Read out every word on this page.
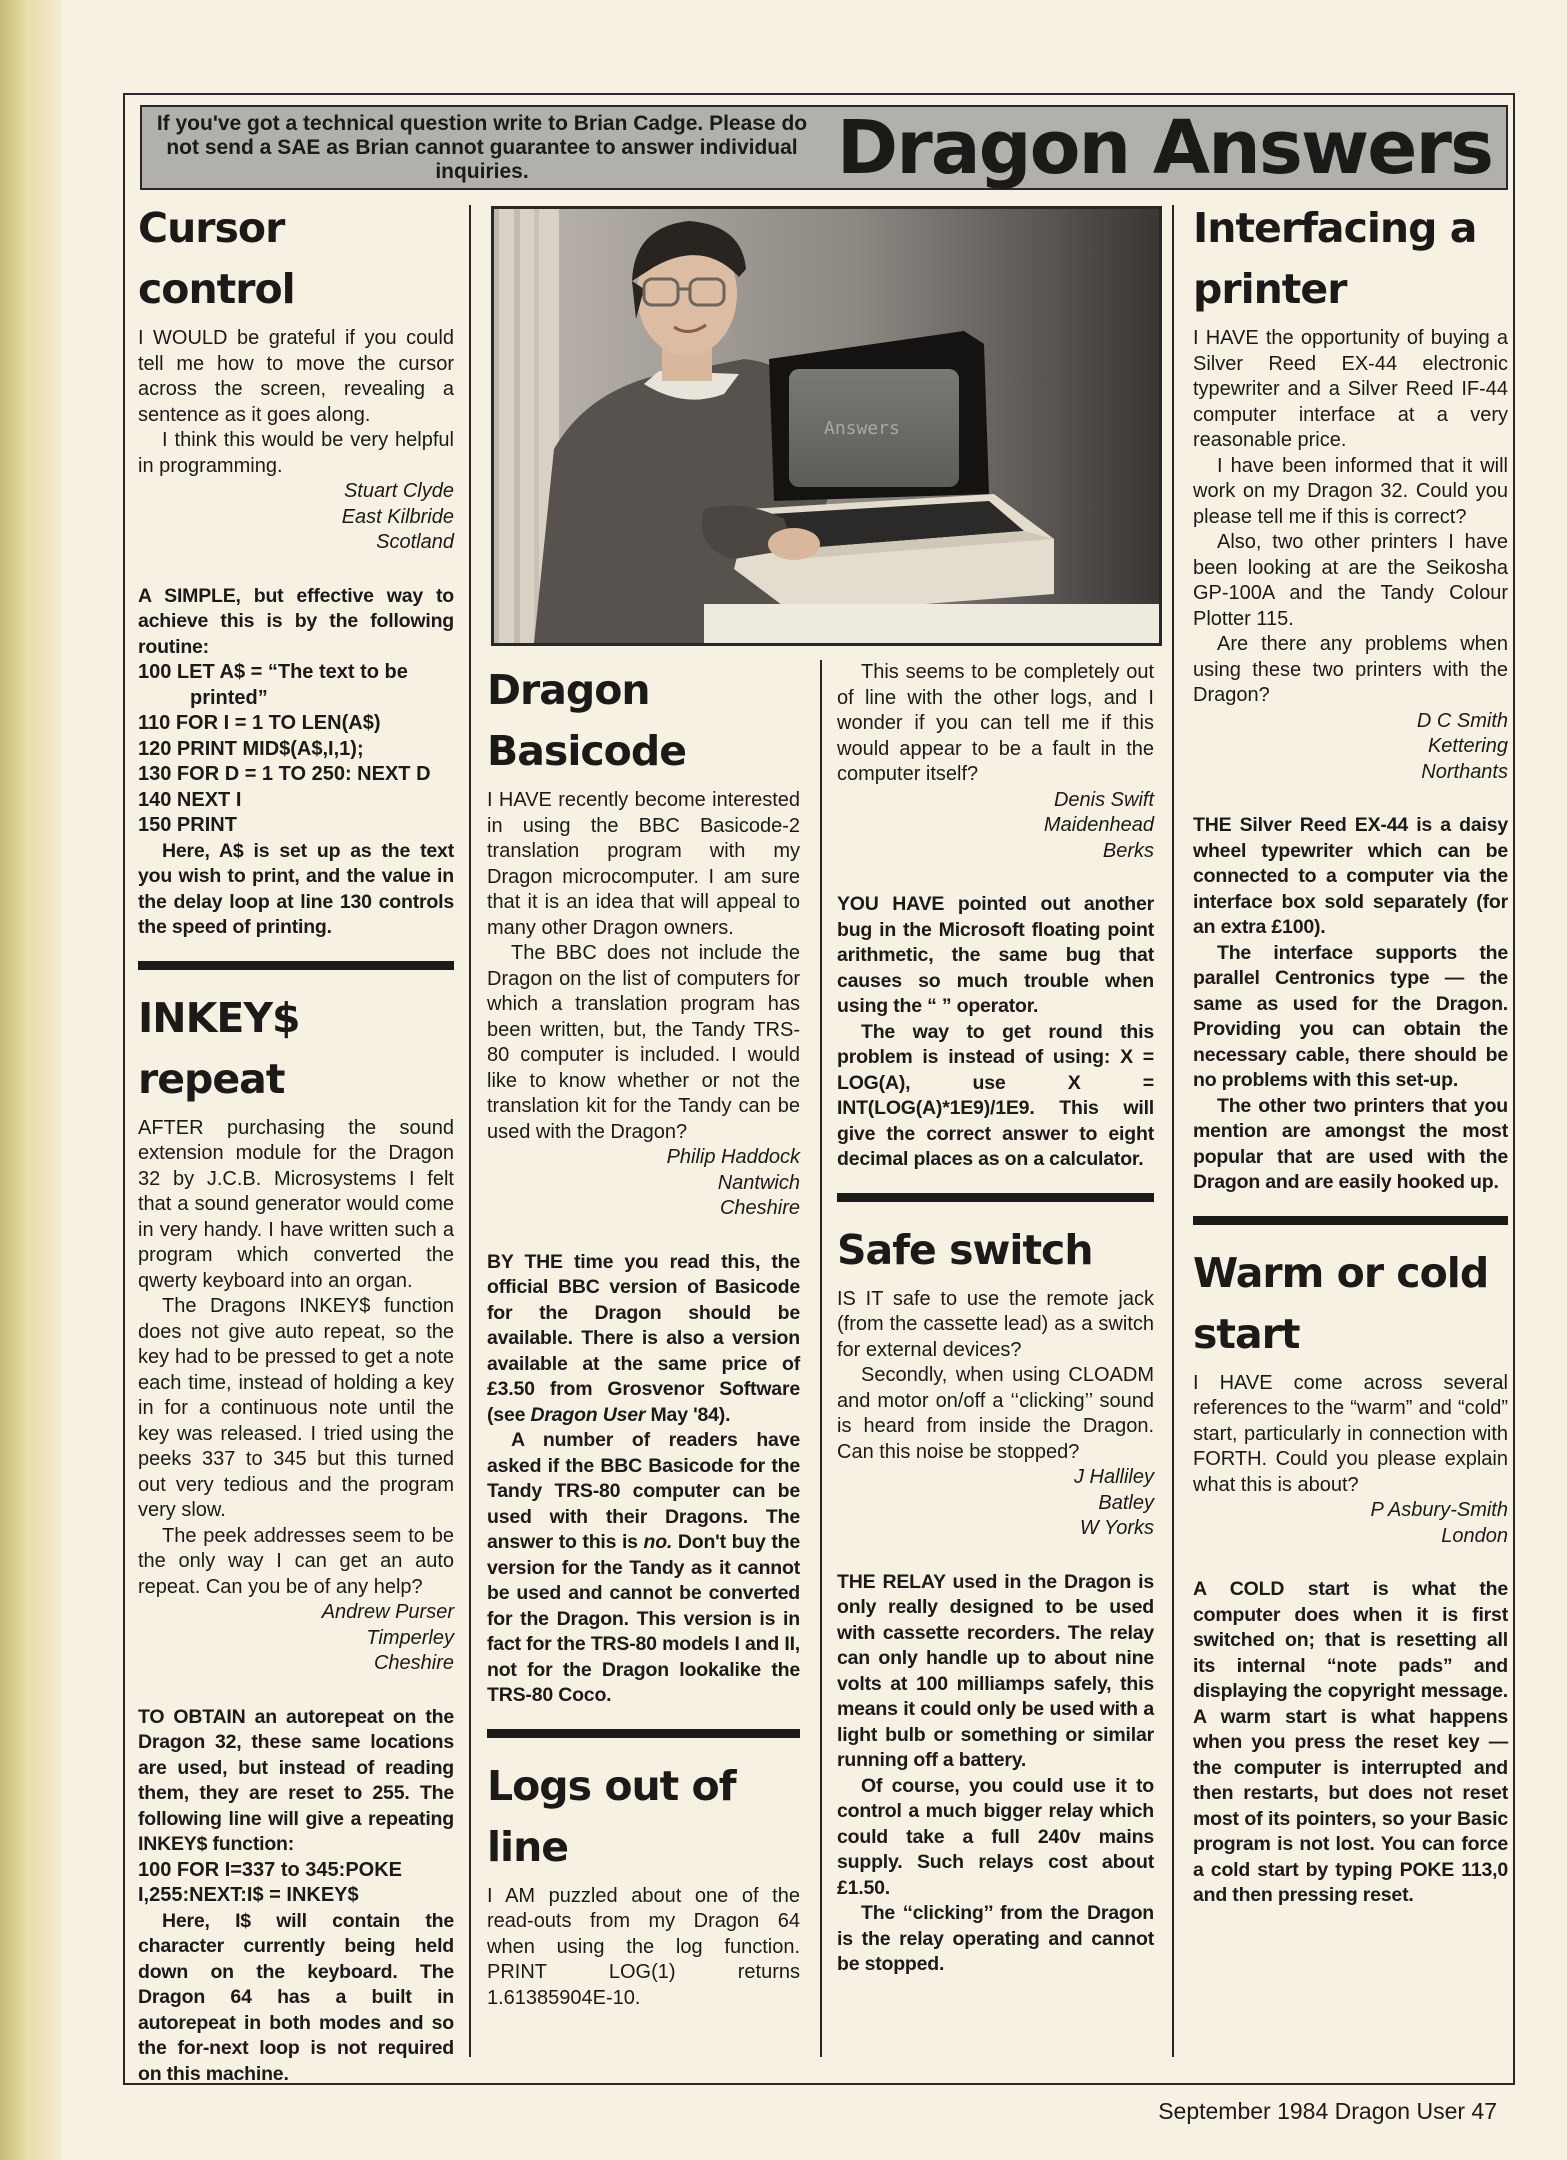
If you've got a technical question write to Brian Cadge. Please do not send a SAE as Brian cannot guarantee to answer individual inquiries.	Dragon Answers
Cursor control

I WOULD be grateful if you could tell me how to move the cursor across the screen, revealing a sentence as it goes along.

I think this would be very helpful in programming.

Stuart Clyde
East Kilbride
Scotland

A SIMPLE, but effective way to achieve this is by the following routine:

100 LET A$ = “The text to be printed”
110 FOR I = 1 TO LEN(A$)
120 PRINT MID$(A$,I,1);
130 FOR D = 1 TO 250: NEXT D
140 NEXT I
150 PRINT

Here, A$ is set up as the text you wish to print, and the value in the delay loop at line 130 controls the speed of printing.

INKEY$ repeat

AFTER purchasing the sound extension module for the Dragon 32 by J.C.B. Microsystems I felt that a sound generator would come in very handy. I have written such a program which converted the qwerty keyboard into an organ.

The Dragons INKEY$ function does not give auto repeat, so the key had to be pressed to get a note each time, instead of holding a key in for a continuous note until the key was released. I tried using the peeks 337 to 345 but this turned out very tedious and the program very slow.

The peek addresses seem to be the only way I can get an auto repeat. Can you be of any help?

Andrew Purser
Timperley
Cheshire

TO OBTAIN an autorepeat on the Dragon 32, these same locations are used, but instead of reading them, they are reset to 255. The following line will give a repeating INKEY$ function:

100 FOR I=337 to 345:POKE I,255:NEXT:I$ = INKEY$

Here, I$ will contain the character currently being held down on the keyboard. The Dragon 64 has a built in autorepeat in both modes and so the for-next loop is not required on this machine.

Answers
Dragon Basicode

I HAVE recently become interested in using the BBC Basicode-2 translation program with my Dragon microcomputer. I am sure that it is an idea that will appeal to many other Dragon owners.

The BBC does not include the Dragon on the list of computers for which a translation program has been written, but, the Tandy TRS-80 computer is included. I would like to know whether or not the translation kit for the Tandy can be used with the Dragon?

Philip Haddock
Nantwich
Cheshire

BY THE time you read this, the official BBC version of Basicode for the Dragon should be available. There is also a version available at the same price of £3.50 from Grosvenor Software (see Dragon User May '84).

A number of readers have asked if the BBC Basicode for the Tandy TRS-80 computer can be used with their Dragons. The answer to this is no. Don't buy the version for the Tandy as it cannot be used and cannot be converted for the Dragon. This version is in fact for the TRS-80 models I and II, not for the Dragon lookalike the TRS-80 Coco.

Logs out of line

I AM puzzled about one of the read-outs from my Dragon 64 when using the log function. PRINT LOG(1) returns 1.61385904E-10.

This seems to be completely out of line with the other logs, and I wonder if you can tell me if this would appear to be a fault in the computer itself?

Denis Swift
Maidenhead
Berks

YOU HAVE pointed out another bug in the Microsoft floating point arithmetic, the same bug that causes so much trouble when using the “ ” operator.

The way to get round this problem is instead of using: X = LOG(A), use X = INT(LOG(A)*1E9)/1E9. This will give the correct answer to eight decimal places as on a calculator.

Safe switch

IS IT safe to use the remote jack (from the cassette lead) as a switch for external devices?

Secondly, when using CLOADM and motor on/off a ‘‘clicking’’ sound is heard from inside the Dragon. Can this noise be stopped?

J Halliley
Batley
W Yorks

THE RELAY used in the Dragon is only really designed to be used with cassette recorders. The relay can only handle up to about nine volts at 100 milliamps safely, this means it could only be used with a light bulb or something or similar running off a battery.

Of course, you could use it to control a much bigger relay which could take a full 240v mains supply. Such relays cost about £1.50.

The ‘‘clicking’’ from the Dragon is the relay operating and cannot be stopped.

Interfacing a printer

I HAVE the opportunity of buying a Silver Reed EX-44 electronic typewriter and a Silver Reed IF-44 computer interface at a very reasonable price.

I have been informed that it will work on my Dragon 32. Could you please tell me if this is correct?

Also, two other printers I have been looking at are the Seikosha GP-100A and the Tandy Colour Plotter 115.

Are there any problems when using these two printers with the Dragon?

D C Smith
Kettering
Northants

THE Silver Reed EX-44 is a daisy wheel typewriter which can be connected to a computer via the interface box sold separately (for an extra £100).

The interface supports the parallel Centronics type — the same as used for the Dragon. Providing you can obtain the necessary cable, there should be no problems with this set-up.

The other two printers that you mention are amongst the most popular that are used with the Dragon and are easily hooked up.

Warm or cold start

I HAVE come across several references to the “warm” and “cold” start, particularly in connection with FORTH. Could you please explain what this is about?

P Asbury-Smith
London

A COLD start is what the computer does when it is first switched on; that is resetting all its internal “note pads” and displaying the copyright message. A warm start is what happens when you press the reset key — the computer is interrupted and then restarts, but does not reset most of its pointers, so your Basic program is not lost. You can force a cold start by typing POKE 113,0 and then pressing reset.

September 1984 Dragon User 47
